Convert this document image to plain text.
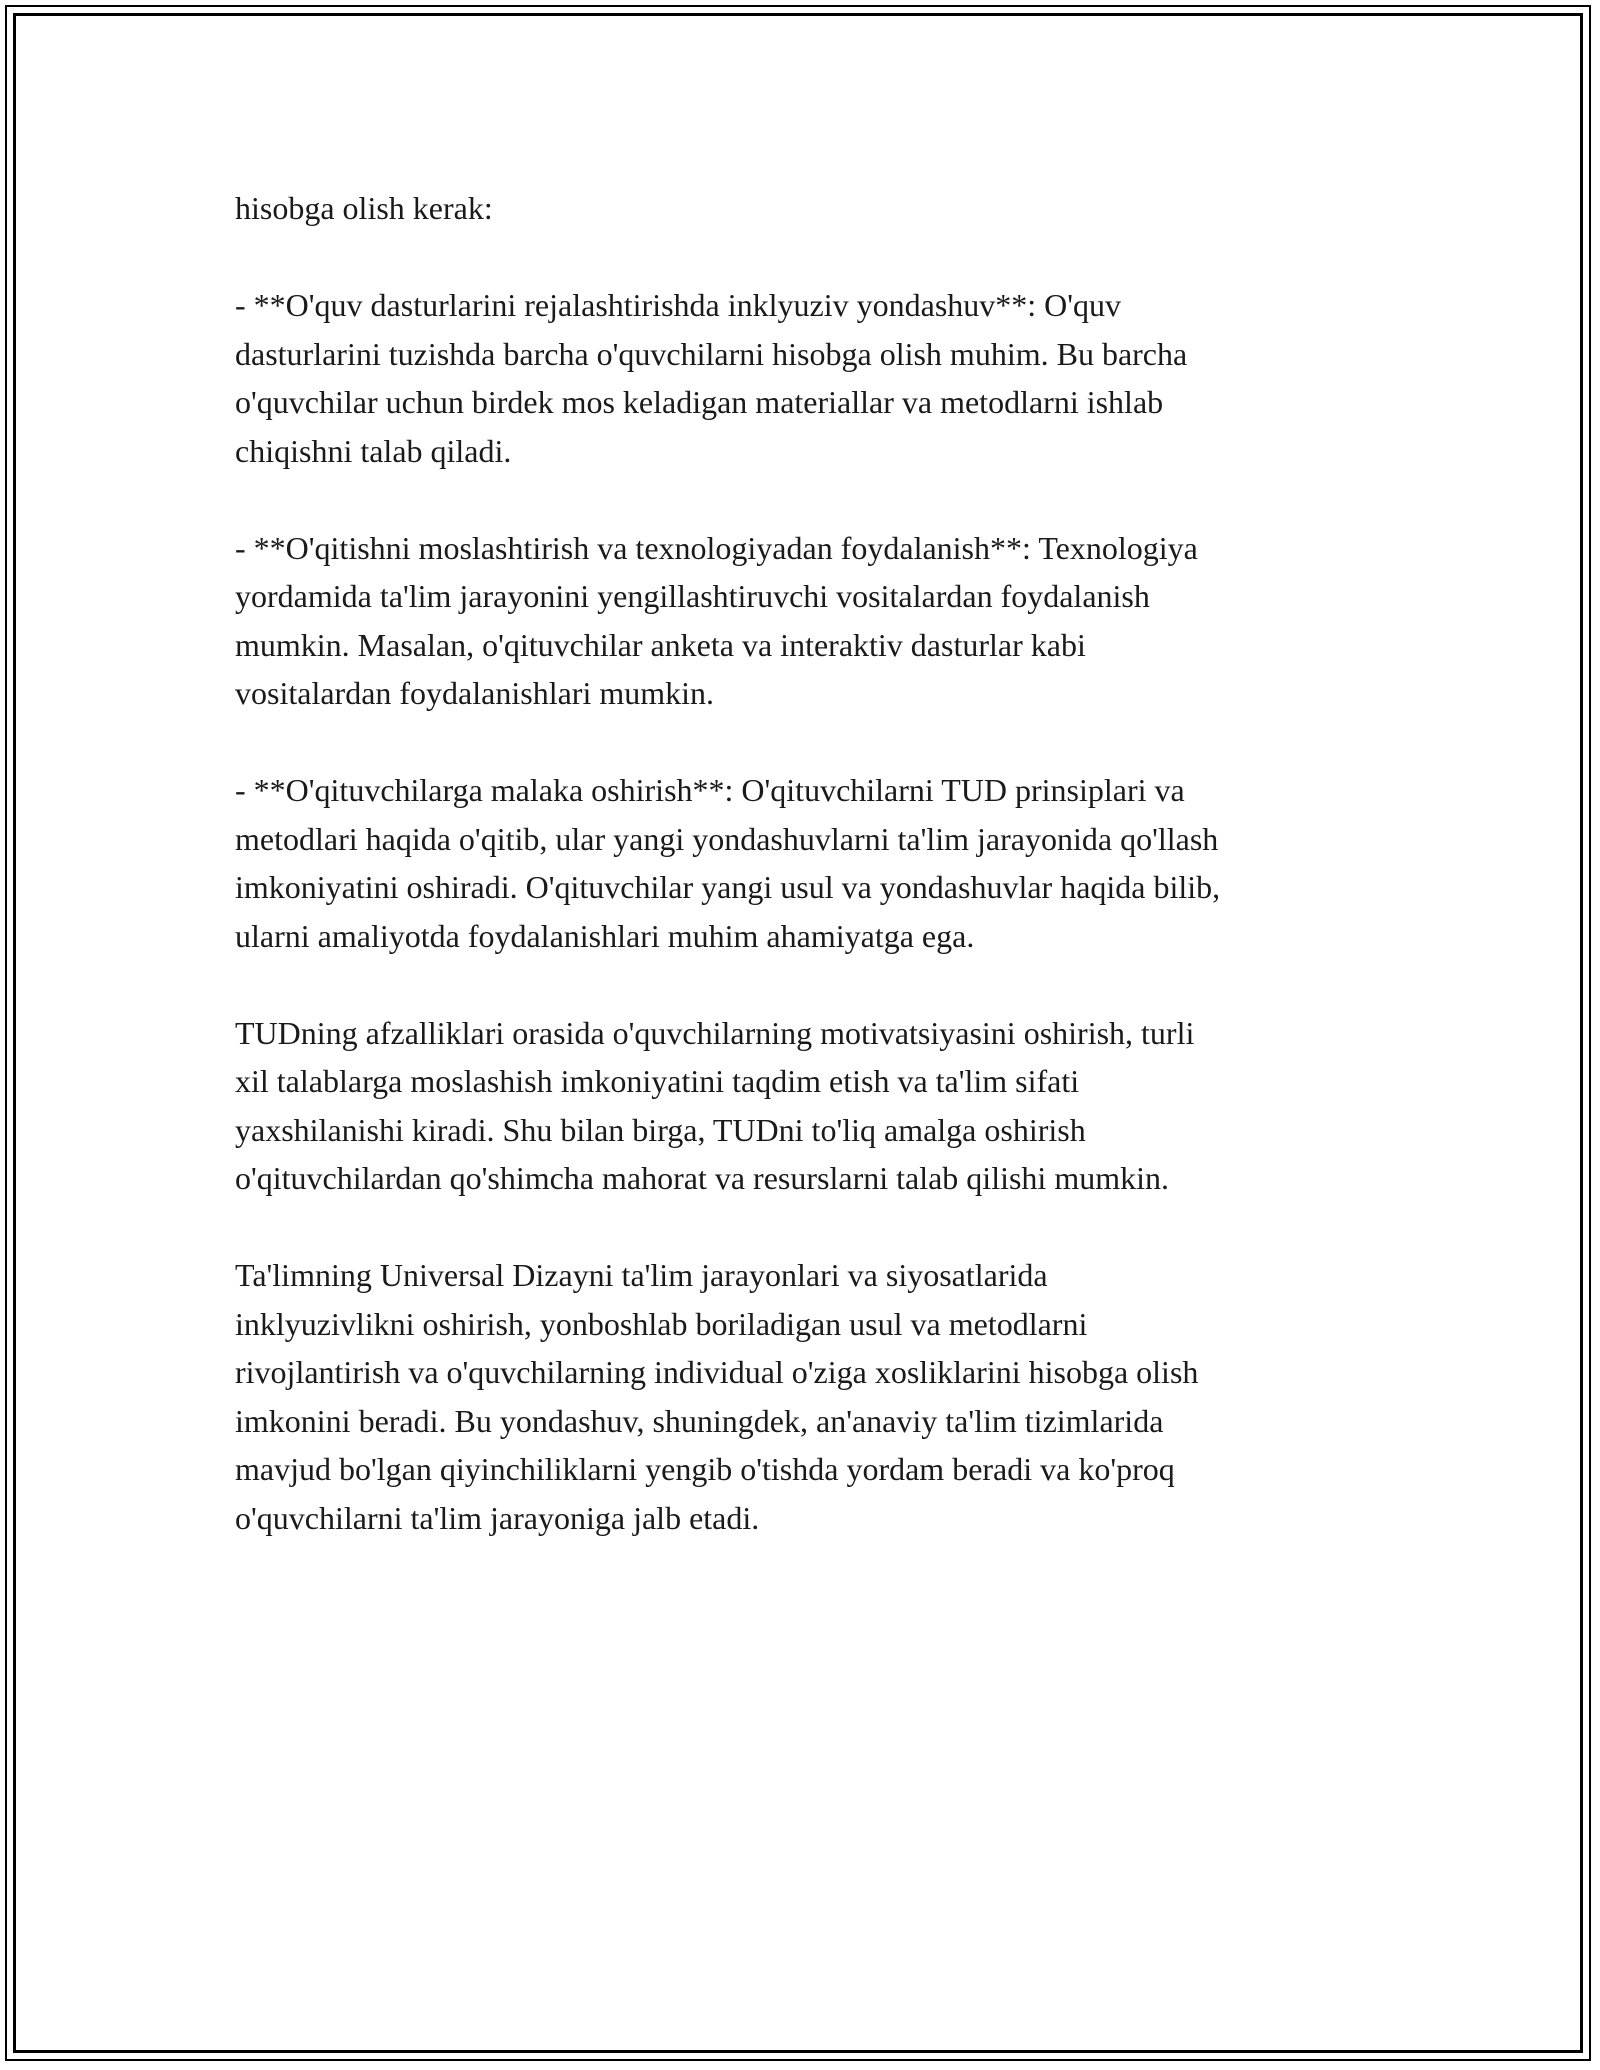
hisobga olish kerak:

- **O'quv dasturlarini rejalashtirishda inklyuziv yondashuv**: O'quv
dasturlarini tuzishda barcha o'quvchilarni hisobga olish muhim. Bu barcha
o'quvchilar uchun birdek mos keladigan materiallar va metodlarni ishlab
chiqishni talab qiladi.

- **O'qitishni moslashtirish va texnologiyadan foydalanish**: Texnologiya
yordamida ta'lim jarayonini yengillashtiruvchi vositalardan foydalanish
mumkin. Masalan, o'qituvchilar anketa va interaktiv dasturlar kabi
vositalardan foydalanishlari mumkin.

- **O'qituvchilarga malaka oshirish**: O'qituvchilarni TUD prinsiplari va
metodlari haqida o'qitib, ular yangi yondashuvlarni ta'lim jarayonida qo'llash
imkoniyatini oshiradi. O'qituvchilar yangi usul va yondashuvlar haqida bilib,
ularni amaliyotda foydalanishlari muhim ahamiyatga ega.

TUDning afzalliklari orasida o'quvchilarning motivatsiyasini oshirish, turli
xil talablarga moslashish imkoniyatini taqdim etish va ta'lim sifati
yaxshilanishi kiradi. Shu bilan birga, TUDni to'liq amalga oshirish
o'qituvchilardan qo'shimcha mahorat va resurslarni talab qilishi mumkin.

Ta'limning Universal Dizayni ta'lim jarayonlari va siyosatlarida
inklyuzivlikni oshirish, yonboshlab boriladigan usul va metodlarni
rivojlantirish va o'quvchilarning individual o'ziga xosliklarini hisobga olish
imkonini beradi. Bu yondashuv, shuningdek, an'anaviy ta'lim tizimlarida
mavjud bo'lgan qiyinchiliklarni yengib o'tishda yordam beradi va ko'proq
o'quvchilarni ta'lim jarayoniga jalb etadi.
